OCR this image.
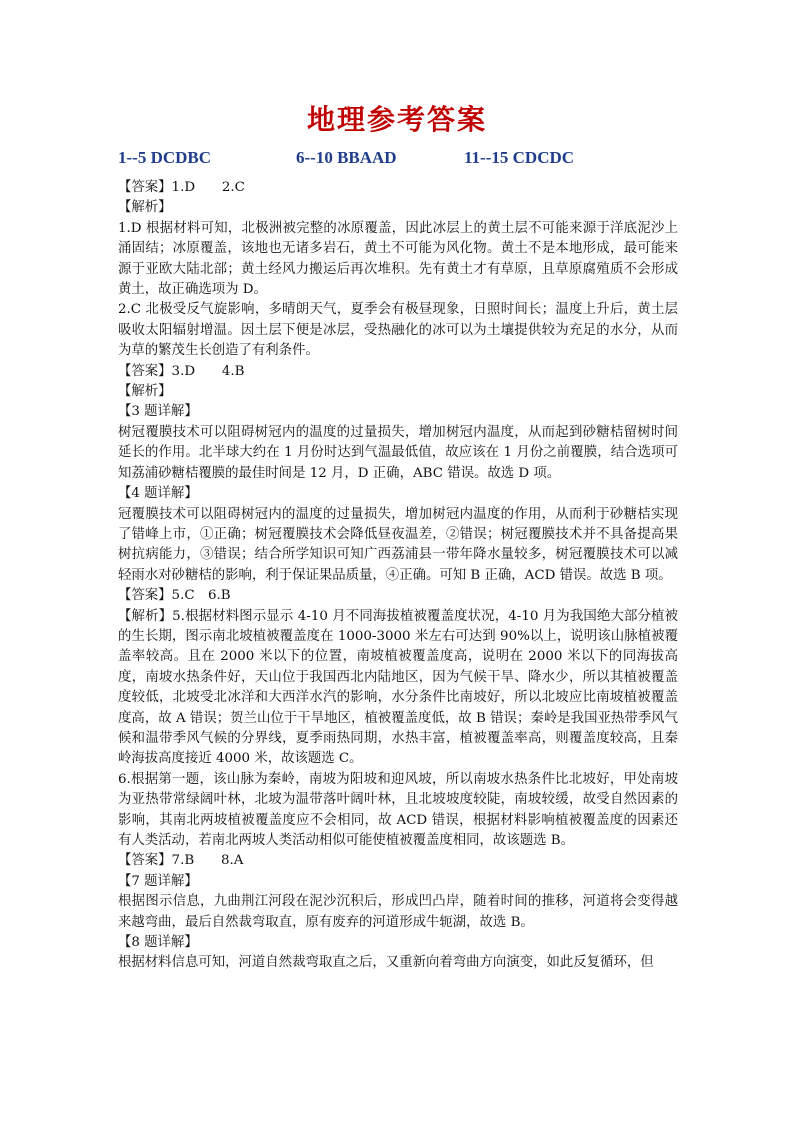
地理参考答案
1--5 DCDBC	6--10 BBAAD	11--15 CDCDC

【答案】1.D　　2.C

【解析】

1.D 根据材料可知，北极洲被完整的冰原覆盖，因此冰层上的黄土层不可能来源于洋底泥沙上涌固结；冰原覆盖，该地也无诸多岩石，黄土不可能为风化物。黄土不是本地形成，最可能来源于亚欧大陆北部；黄土经风力搬运后再次堆积。先有黄土才有草原，且草原腐殖质不会形成黄土，故正确选项为 D。

2.C 北极受反气旋影响，多晴朗天气，夏季会有极昼现象，日照时间长；温度上升后，黄土层吸收太阳辐射增温。因土层下便是冰层，受热融化的冰可以为土壤提供较为充足的水分，从而为草的繁茂生长创造了有利条件。

【答案】3.D　　4.B

【解析】

【3 题详解】

树冠覆膜技术可以阻碍树冠内的温度的过量损失，增加树冠内温度，从而起到砂糖桔留树时间延长的作用。北半球大约在 1 月份时达到气温最低值，故应该在 1 月份之前覆膜，结合选项可知荔浦砂糖桔覆膜的最佳时间是 12 月，D 正确，ABC 错误。故选 D 项。

【4 题详解】

冠覆膜技术可以阻碍树冠内的温度的过量损失，增加树冠内温度的作用，从而利于砂糖桔实现了错峰上市，①正确；树冠覆膜技术会降低昼夜温差，②错误；树冠覆膜技术并不具备提高果树抗病能力，③错误；结合所学知识可知广西荔浦县一带年降水量较多，树冠覆膜技术可以减轻雨水对砂糖桔的影响，利于保证果品质量，④正确。可知 B 正确，ACD 错误。故选 B 项。

【答案】5.C　6.B

【解析】5.根据材料图示显示 4-10 月不同海拔植被覆盖度状况，4-10 月为我国绝大部分植被的生长期，图示南北坡植被覆盖度在 1000-3000 米左右可达到 90%以上，说明该山脉植被覆盖率较高。且在 2000 米以下的位置，南坡植被覆盖度高，说明在 2000 米以下的同海拔高度，南坡水热条件好，天山位于我国西北内陆地区，因为气候干旱、降水少，所以其植被覆盖度较低，北坡受北冰洋和大西洋水汽的影响，水分条件比南坡好，所以北坡应比南坡植被覆盖度高，故 A 错误；贺兰山位于干旱地区，植被覆盖度低，故 B 错误；秦岭是我国亚热带季风气候和温带季风气候的分界线，夏季雨热同期，水热丰富，植被覆盖率高，则覆盖度较高，且秦岭海拔高度接近 4000 米，故该题选 C。

6.根据第一题，该山脉为秦岭，南坡为阳坡和迎风坡，所以南坡水热条件比北坡好，甲处南坡为亚热带常绿阔叶林，北坡为温带落叶阔叶林，且北坡坡度较陡，南坡较缓，故受自然因素的影响，其南北两坡植被覆盖度应不会相同，故 ACD 错误，根据材料影响植被覆盖度的因素还有人类活动，若南北两坡人类活动相似可能使植被覆盖度相同，故该题选 B。

【答案】7.B　　8.A

【7 题详解】

根据图示信息，九曲荆江河段在泥沙沉积后，形成凹凸岸，随着时间的推移，河道将会变得越来越弯曲，最后自然裁弯取直，原有废弃的河道形成牛轭湖，故选 B。

【8 题详解】

根据材料信息可知，河道自然裁弯取直之后，又重新向着弯曲方向演变，如此反复循环，但
